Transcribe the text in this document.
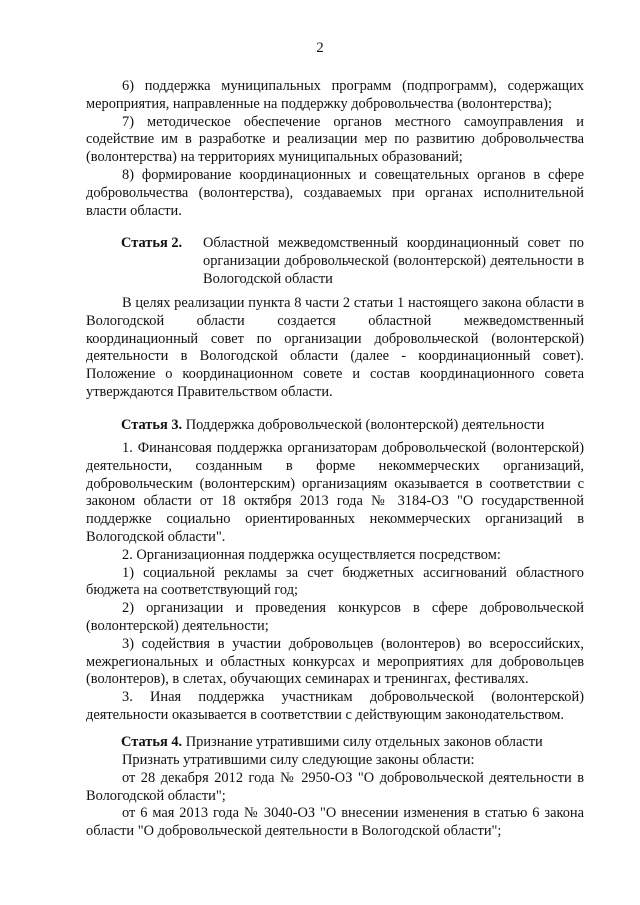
2

6) поддержка муниципальных программ (подпрограмм), содержащих мероприятия, направленные на поддержку добровольчества (волонтерства);

7) методическое обеспечение органов местного самоуправления и содействие им в разработке и реализации мер по развитию добровольчества (волонтерства) на территориях муниципальных образований;

8) формирование координационных и совещательных органов в сфере добровольчества (волонтерства), создаваемых при органах исполнительной власти области.

Статья 2. Областной межведомственный координационный совет по организации добровольческой (волонтерской) деятельности в Вологодской области

В целях реализации пункта 8 части 2 статьи 1 настоящего закона области в Вологодской области создается областной межведомственный координационный совет по организации добровольческой (волонтерской) деятельности в Вологодской области (далее - координационный совет). Положение о координационном совете и состав координационного совета утверждаются Правительством области.

Статья 3. Поддержка добровольческой (волонтерской) деятельности

1. Финансовая поддержка организаторам добровольческой (волонтерской) деятельности, созданным в форме некоммерческих организаций, добровольческим (волонтерским) организациям оказывается в соответствии с законом области от 18 октября 2013 года № 3184-ОЗ "О государственной поддержке социально ориентированных некоммерческих организаций в Вологодской области".

2. Организационная поддержка осуществляется посредством:

1) социальной рекламы за счет бюджетных ассигнований областного бюджета на соответствующий год;

2) организации и проведения конкурсов в сфере добровольческой (волонтерской) деятельности;

3) содействия в участии добровольцев (волонтеров) во всероссийских, межрегиональных и областных конкурсах и мероприятиях для добровольцев (волонтеров), в слетах, обучающих семинарах и тренингах, фестивалях.

3. Иная поддержка участникам добровольческой (волонтерской) деятельности оказывается в соответствии с действующим законодательством.

Статья 4. Признание утратившими силу отдельных законов области

Признать утратившими силу следующие законы области:

от 28 декабря 2012 года № 2950-ОЗ "О добровольческой деятельности в Вологодской области";

от 6 мая 2013 года № 3040-ОЗ "О внесении изменения в статью 6 закона области "О добровольческой деятельности в Вологодской области";
